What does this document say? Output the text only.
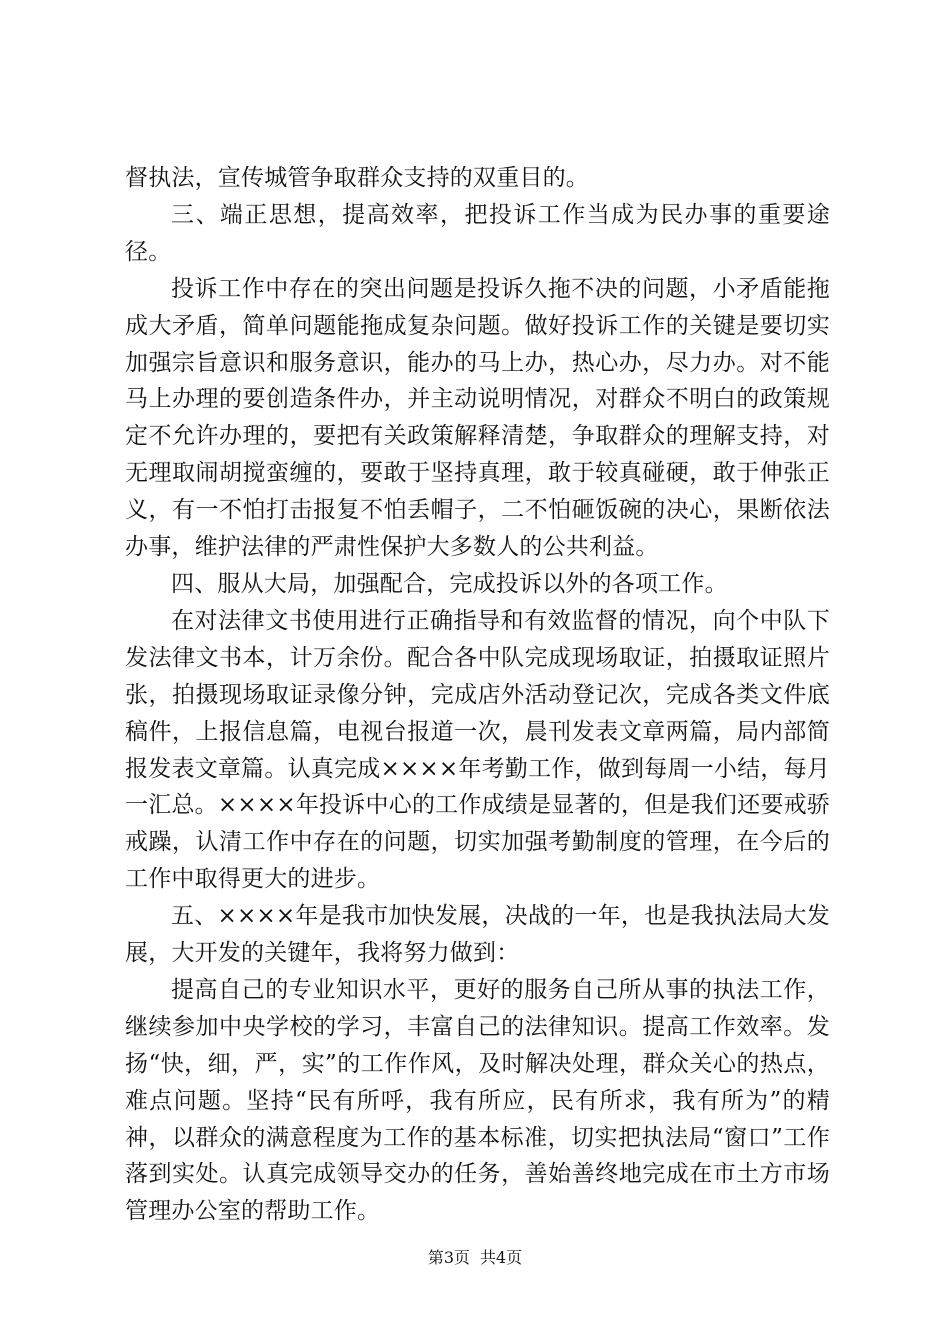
督执法，宣传城管争取群众支持的双重目的。

三、端正思想，提高效率，把投诉工作当成为民办事的重要途径。

投诉工作中存在的突出问题是投诉久拖不决的问题，小矛盾能拖成大矛盾，简单问题能拖成复杂问题。做好投诉工作的关键是要切实加强宗旨意识和服务意识，能办的马上办，热心办，尽力办。对不能马上办理的要创造条件办，并主动说明情况，对群众不明白的政策规定不允许办理的，要把有关政策解释清楚，争取群众的理解支持，对无理取闹胡搅蛮缠的，要敢于坚持真理，敢于较真碰硬，敢于伸张正义，有一不怕打击报复不怕丢帽子，二不怕砸饭碗的决心，果断依法办事，维护法律的严肃性保护大多数人的公共利益。

四、服从大局，加强配合，完成投诉以外的各项工作。

在对法律文书使用进行正确指导和有效监督的情况，向个中队下发法律文书本，计万余份。配合各中队完成现场取证，拍摄取证照片张，拍摄现场取证录像分钟，完成店外活动登记次，完成各类文件底稿件，上报信息篇，电视台报道一次，晨刊发表文章两篇，局内部简报发表文章篇。认真完成××××年考勤工作，做到每周一小结，每月一汇总。××××年投诉中心的工作成绩是显著的，但是我们还要戒骄戒躁，认清工作中存在的问题，切实加强考勤制度的管理，在今后的工作中取得更大的进步。

五、××××年是我市加快发展，决战的一年，也是我执法局大发展，大开发的关键年，我将努力做到：

提高自己的专业知识水平，更好的服务自己所从事的执法工作，继续参加中央学校的学习，丰富自己的法律知识。提高工作效率。发扬“快，细，严，实”的工作作风，及时解决处理，群众关心的热点，难点问题。坚持“民有所呼，我有所应，民有所求，我有所为”的精神，以群众的满意程度为工作的基本标准，切实把执法局“窗口”工作落到实处。认真完成领导交办的任务，善始善终地完成在市土方市场管理办公室的帮助工作。

第3页 共4页
